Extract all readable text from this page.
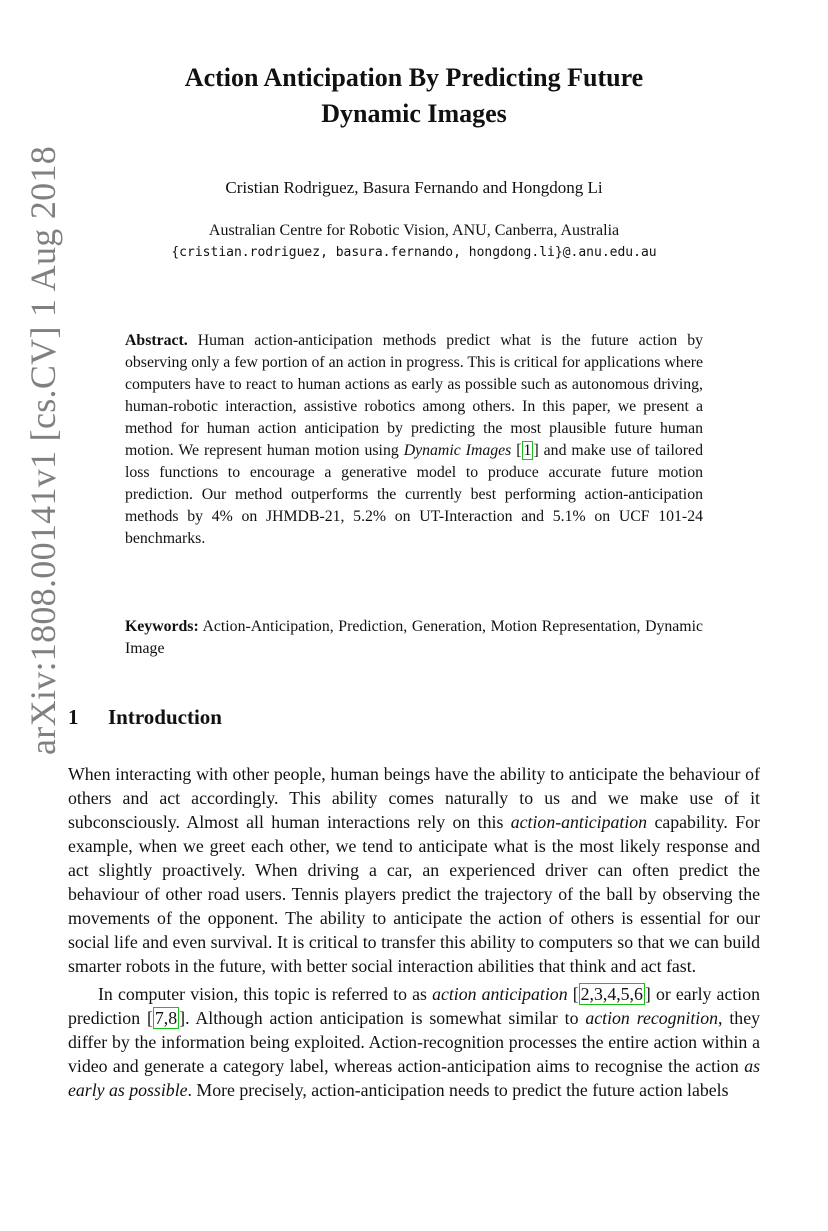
arXiv:1808.00141v1 [cs.CV] 1 Aug 2018
Action Anticipation By Predicting Future
Dynamic Images
Cristian Rodriguez, Basura Fernando and Hongdong Li
Australian Centre for Robotic Vision, ANU, Canberra, Australia
{cristian.rodriguez, basura.fernando, hongdong.li}@.anu.edu.au
Abstract. Human action-anticipation methods predict what is the future action by observing only a few portion of an action in progress. This is critical for applications where computers have to react to human actions as early as possible such as autonomous driving, human-robotic interaction, assistive robotics among others. In this paper, we present a method for human action anticipation by predicting the most plausible future human motion. We represent human motion using Dynamic Images [ 1 ] and make use of tailored loss functions to encourage a generative model to produce accurate future motion prediction. Our method outperforms the currently best performing action-anticipation methods by 4% on JHMDB-21, 5.2% on UT-Interaction and 5.1% on UCF 101-24 benchmarks.
Keywords: Action-Anticipation, Prediction, Generation, Motion Representation, Dynamic Image
1 Introduction

When interacting with other people, human beings have the ability to anticipate the behaviour of others and act accordingly. This ability comes naturally to us and we make use of it subconsciously. Almost all human interactions rely on this action-anticipation capability. For example, when we greet each other, we tend to anticipate what is the most likely response and act slightly proactively. When driving a car, an experienced driver can often predict the behaviour of other road users. Tennis players predict the trajectory of the ball by observing the movements of the opponent. The ability to anticipate the action of others is essential for our social life and even survival. It is critical to transfer this ability to computers so that we can build smarter robots in the future, with better social interaction abilities that think and act fast.

In computer vision, this topic is referred to as action anticipation [ 2,3,4,5,6 ] or early action prediction [ 7,8 ]. Although action anticipation is somewhat similar to action recognition, they differ by the information being exploited. Action-recognition processes the entire action within a video and generate a category label, whereas action-anticipation aims to recognise the action as early as possible. More precisely, action-anticipation needs to predict the future action labels
